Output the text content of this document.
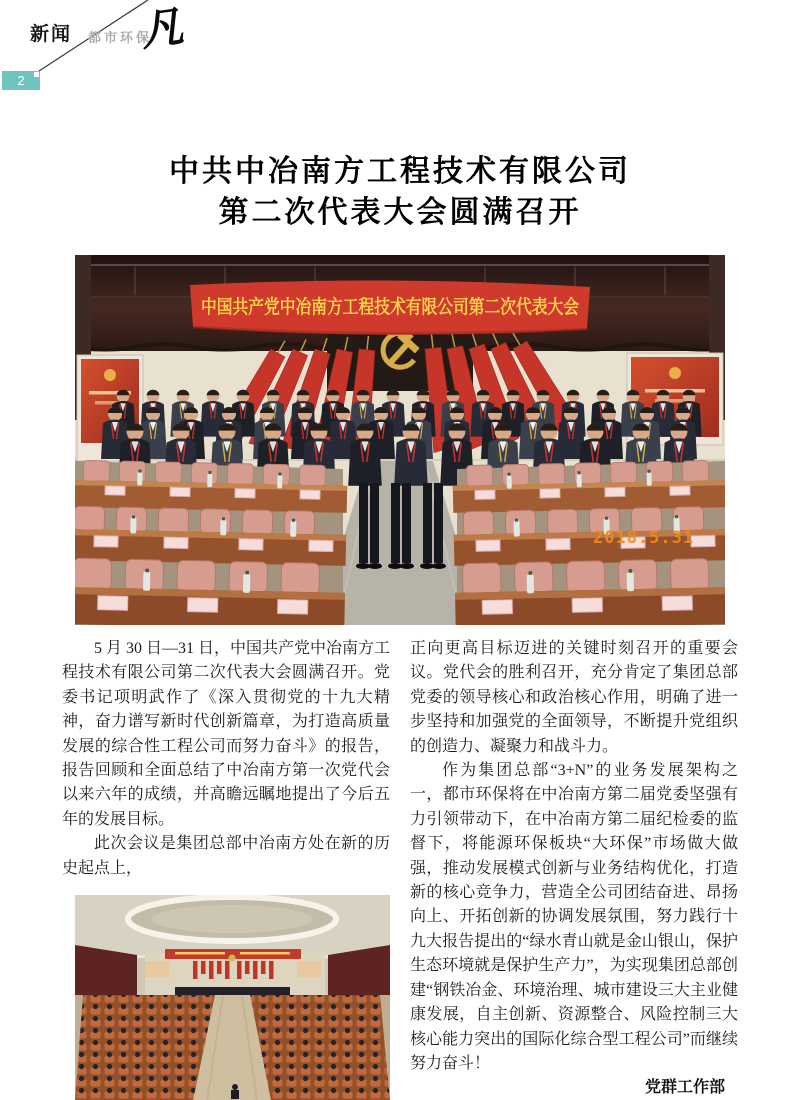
新闻 都市环保
凡
2
中共中冶南方工程技术有限公司
第二次代表大会圆满召开
中国共产党中冶南方工程技术有限公司第二次代表大会
2018.5.31

5 月 30 日—31 日，中国共产党中冶南方工程技术有限公司第二次代表大会圆满召开。党委书记项明武作了《深入贯彻党的十九大精神，奋力谱写新时代创新篇章，为打造高质量发展的综合性工程公司而努力奋斗》的报告，报告回顾和全面总结了中冶南方第一次党代会以来六年的成绩，并高瞻远瞩地提出了今后五年的发展目标。

此次会议是集团总部中冶南方处在新的历史起点上，

正向更高目标迈进的关键时刻召开的重要会议。党代会的胜利召开，充分肯定了集团总部党委的领导核心和政治核心作用，明确了进一步坚持和加强党的全面领导，不断提升党组织的创造力、凝聚力和战斗力。

作为集团总部“3+N”的业务发展架构之一，都市环保将在中冶南方第二届党委坚强有力引领带动下，在中冶南方第二届纪检委的监督下，将能源环保板块“大环保”市场做大做强，推动发展模式创新与业务结构优化，打造新的核心竞争力，营造全公司团结奋进、昂扬向上、开拓创新的协调发展氛围，努力践行十九大报告提出的“绿水青山就是金山银山，保护生态环境就是保护生产力”，为实现集团总部创建“钢铁冶金、环境治理、城市建设三大主业健康发展，自主创新、资源整合、风险控制三大核心能力突出的国际化综合型工程公司”而继续努力奋斗！

党群工作部
